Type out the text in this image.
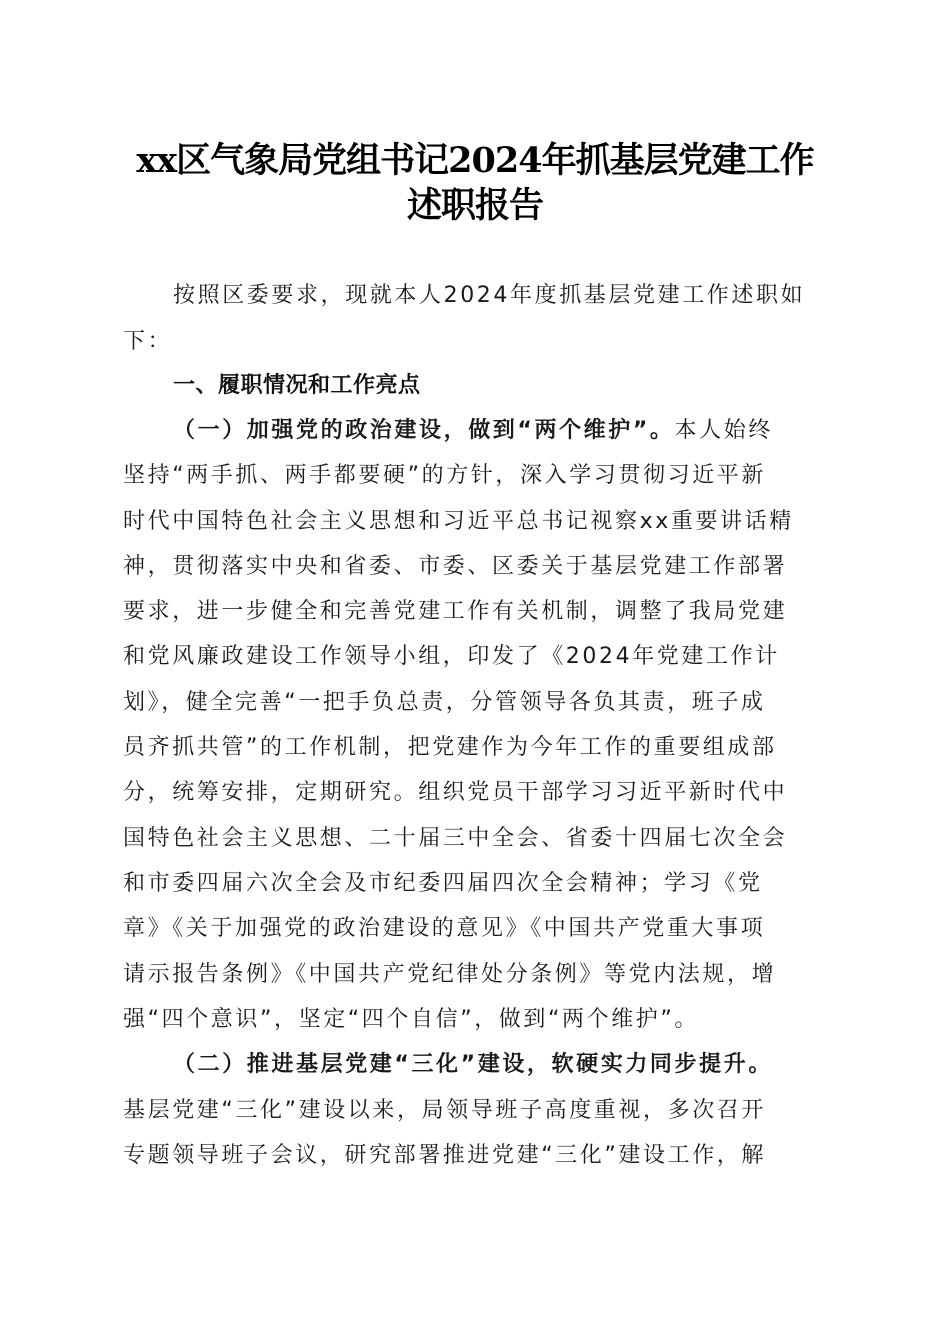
xx区气象局党组书记2024年抓基层党建工作
述职报告
按照区委要求，现就本人2024年度抓基层党建工作述职如
下：
一、履职情况和工作亮点
（一）加强党的政治建设，做到“两个维护”。本人始终
坚持“两手抓、两手都要硬”的方针，深入学习贯彻习近平新
时代中国特色社会主义思想和习近平总书记视察xx重要讲话精
神，贯彻落实中央和省委、市委、区委关于基层党建工作部署
要求，进一步健全和完善党建工作有关机制，调整了我局党建
和党风廉政建设工作领导小组，印发了《2024年党建工作计
划》，健全完善“一把手负总责，分管领导各负其责，班子成
员齐抓共管”的工作机制，把党建作为今年工作的重要组成部
分，统筹安排，定期研究。组织党员干部学习习近平新时代中
国特色社会主义思想、二十届三中全会、省委十四届七次全会
和市委四届六次全会及市纪委四届四次全会精神；学习《党
章》《关于加强党的政治建设的意见》《中国共产党重大事项
请示报告条例》《中国共产党纪律处分条例》等党内法规，增
强“四个意识”，坚定“四个自信”，做到“两个维护”。
（二）推进基层党建“三化”建设，软硬实力同步提升。
基层党建“三化”建设以来，局领导班子高度重视，多次召开
专题领导班子会议，研究部署推进党建“三化”建设工作，解
